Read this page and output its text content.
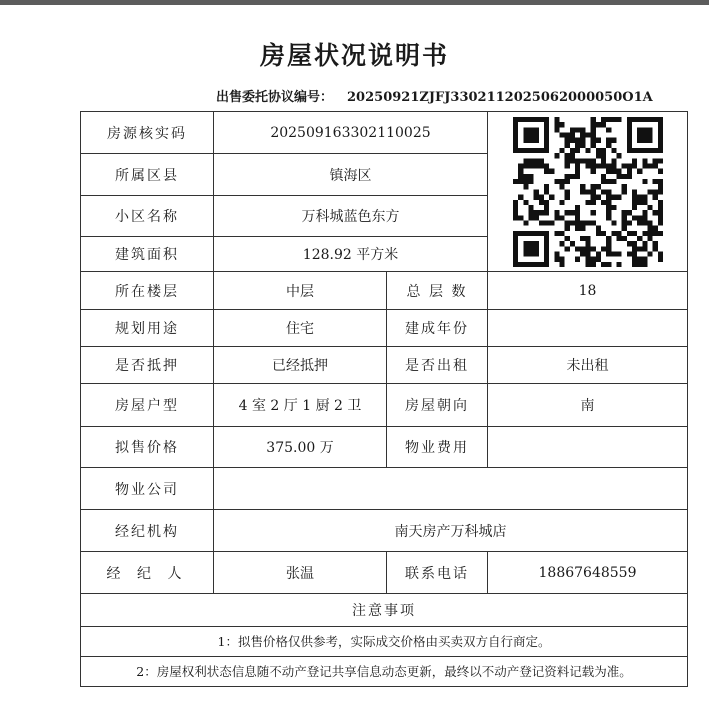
房屋状况说明书
出售委托协议编号： 20250921ZJFJ3302112025062000050O1A
房源核实码	202509163302110025	

所属区县	镇海区		
小区名称	万科城蓝色东方		
建筑面积	128.92 平方米		
所在楼层	中层	总 层 数	18
规划用途	住宅	建成年份	
是否抵押	已经抵押	是否出租	未出租
房屋户型	4 室 2 厅 1 厨 2 卫	房屋朝向	南
拟售价格	375.00 万	物业费用	
物业公司			
经纪机构	南天房产万科城店		
经 纪 人	张温	联系电话	18867648559
注意事项			
1：拟售价格仅供参考，实际成交价格由买卖双方自行商定。			
2：房屋权利状态信息随不动产登记共享信息动态更新，最终以不动产登记资料记载为准。			
